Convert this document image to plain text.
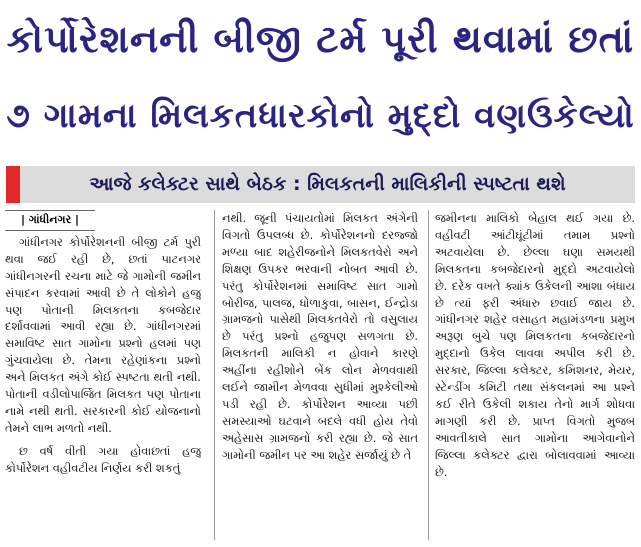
કોર્પોરેશનની બીજી ટર્મ પૂરી થવામાં છતાં
૭ ગામના મિલકતધારકોનો મુદ્દો વણઉકેલ્યો
આજે કલેક્ટર સાથે બેઠક : મિલકતની માલિકીની સ્પષ્ટતા થશે
| ગાંધીનગર |

ગાંધીનગર કોર્પોરેશનની બીજી ટર્મ પુરી થવા જઈ રહી છે, છતાં પાટનગર ગાંધીનગરની રચના માટે જે ગામોની જમીન સંપાદન કરવામાં આવી છે તે લોકોને હજુ પણ પોતાની મિલકતના કબજેદાર દર્શાવવામાં આવી રહ્યા છે. ગાંધીનગરમાં સમાવિષ્ટ સાત ગામોના પ્રશ્નો હલમાં પણ ગુંચવાયેલા છે. તેમના રહેણાંકના પ્રશ્નો અને મિલકત અંગે કોઈ સ્પષ્ટતા થતી નથી. પોતાની વડીલોપાર્જિત મિલકત પણ પોતાના નામે નથી થતી. સરકારની કોઈ યોજનાનો તેમને લાભ મળતો નથી.

છ વર્ષ વીતી ગયા હોવાછતાં હજુ કોર્પોરેશન વહીવટીય નિર્ણય કરી શકતું

નથી. જૂની પંચાયતોમાં મિલકત અંગેની વિગતો ઉપલબ્ધ છે. કોર્પોરેશનનો દરજ્જો મળ્યા બાદ શહેરીજનોને મિલકતવેરો અને શિક્ષણ ઉપકર ભરવાની નોબત આવી છે. પરંતુ કોર્પોરેશનમાં સમાવિષ્ટ સાત ગામો બોરીજ, પાલજ, ધોળાકુવા, બાસન, ઈન્દ્રોડા ગ્રામજનો પાસેથી મિલકતવેરો તો વસુલાય છે પરંતુ પ્રશ્નો હજુપણ સળગતા છે. મિલકતની માલિકી ન હોવાને કારણે અહીંના રહીશોને બેંક લોન મેળવવાથી લઈને જામીન મેળવવા સુધીમાં મુશ્કેલીઓ પડી રહી છે. કોર્પોરેશન આવ્યા પછી સમસ્યાઓ ઘટવાને બદલે વધી હોય તેવો અહેસાસ ગ્રામજનો કરી રહ્યા છે. જે સાત ગામોની જમીન પર આ શહેર સર્જાયું છે તે

જમીનના માલિકો બેહાલ થઈ ગયા છે. વહીવટી આંટીઘૂંટીમાં તમામ પ્રશ્નો અટવાયેલા છે. છેલ્લા ઘણા સમયથી મિલકતના કબજેદારનો મુદ્દો અટવાયેલો છે. દરેક વખતે ક્યાંક ઉકેલની આશા બંધાય છે ત્યાં ફરી અંધારુ છવાઈ જાય છે. ગાંધીનગર શહેર વસાહત મહામંડળના પ્રમુખ અરૂણ બુચે પણ મિલકતના કબજેદારનો મુદ્દાનો ઉકેલ લાવવા અપીલ કરી છે. સરકાર, જિલ્લા કલેક્ટર, કમિશનર, મેયર, સ્ટેન્ડીંગ કમિટી તથા સંકલનમાં આ પ્રશ્ને કઈ રીતે ઉકેલી શકાય તેનો માર્ગ શોધવા માગણી કરી છે. પ્રાપ્ત વિગતો મુજબ આવતીકાલે સાત ગામોના આગેવાનોને જિલ્લા કલેક્ટર દ્વારા બોલાવવામાં આવ્યા છે.
